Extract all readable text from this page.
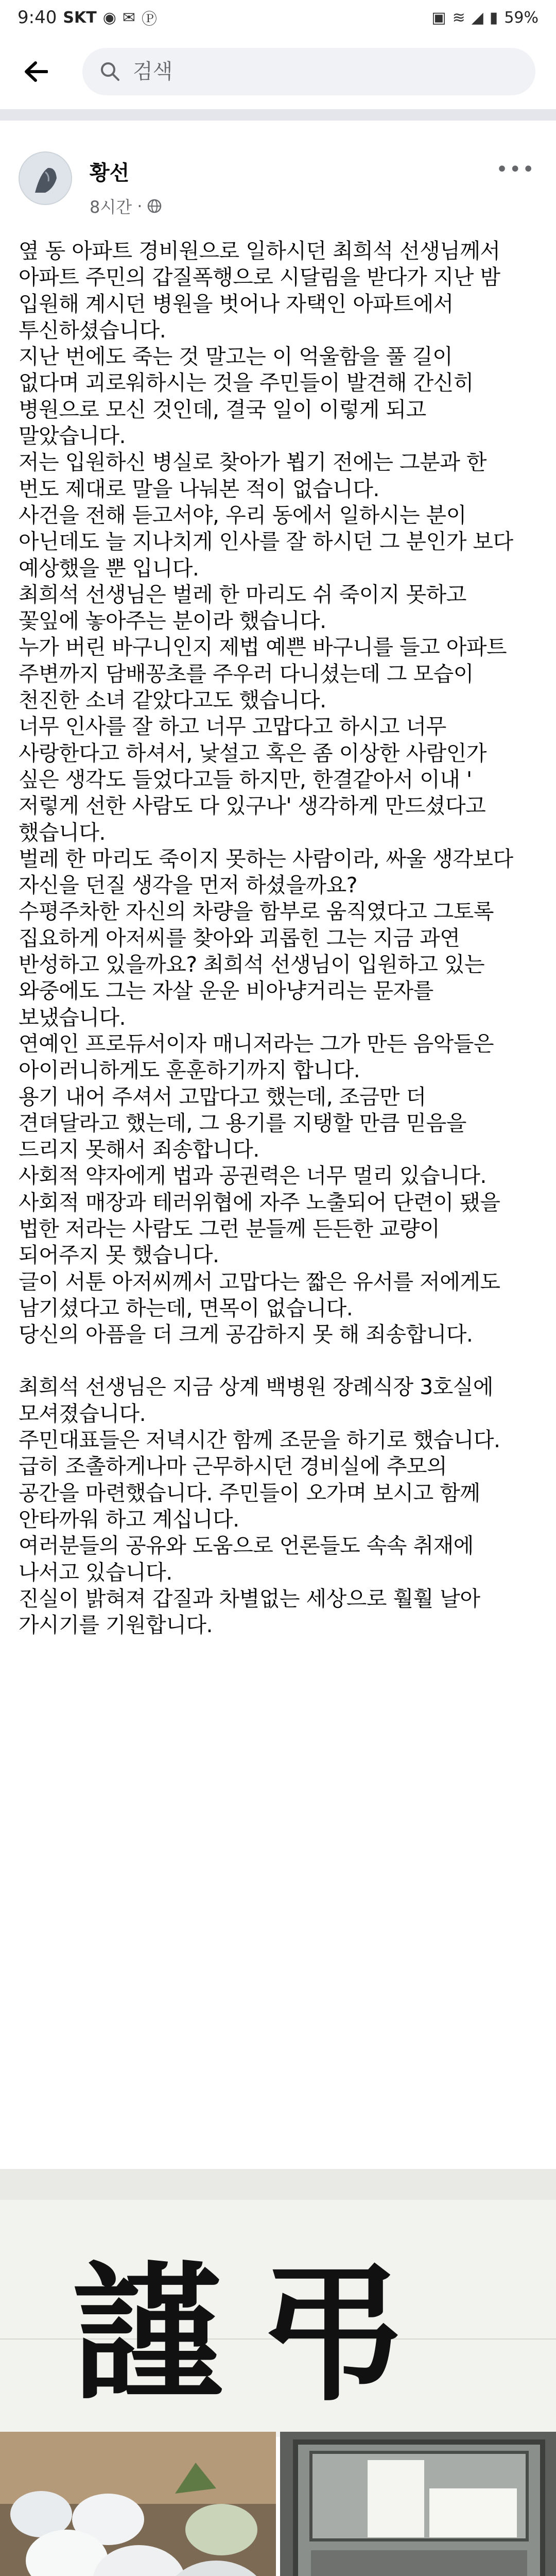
9:40 SKT ◉ ✉ Ⓟ	▣ ≋ ◢ ▮ 59%
검색
황선
8시간 ·
•••

옆 동 아파트 경비원으로 일하시던 최희석 선생님께서
아파트 주민의 갑질폭행으로 시달림을 받다가 지난 밤
입원해 계시던 병원을 벗어나 자택인 아파트에서
투신하셨습니다.

지난 번에도 죽는 것 말고는 이 억울함을 풀 길이
없다며 괴로워하시는 것을 주민들이 발견해 간신히
병원으로 모신 것인데, 결국 일이 이렇게 되고
말았습니다.

저는 입원하신 병실로 찾아가 뵙기 전에는 그분과 한
번도 제대로 말을 나눠본 적이 없습니다.

사건을 전해 듣고서야, 우리 동에서 일하시는 분이
아닌데도 늘 지나치게 인사를 잘 하시던 그 분인가 보다
예상했을 뿐 입니다.

최희석 선생님은 벌레 한 마리도 쉬 죽이지 못하고
꽃잎에 놓아주는 분이라 했습니다.

누가 버린 바구니인지 제법 예쁜 바구니를 들고 아파트
주변까지 담배꽁초를 주우러 다니셨는데 그 모습이
천진한 소녀 같았다고도 했습니다.

너무 인사를 잘 하고 너무 고맙다고 하시고 너무
사랑한다고 하셔서, 낯설고 혹은 좀 이상한 사람인가
싶은 생각도 들었다고들 하지만, 한결같아서 이내 '
저렇게 선한 사람도 다 있구나' 생각하게 만드셨다고
했습니다.

벌레 한 마리도 죽이지 못하는 사람이라, 싸울 생각보다
자신을 던질 생각을 먼저 하셨을까요?

수평주차한 자신의 차량을 함부로 움직였다고 그토록
집요하게 아저씨를 찾아와 괴롭힌 그는 지금 과연
반성하고 있을까요? 최희석 선생님이 입원하고 있는
와중에도 그는 자살 운운 비아냥거리는 문자를
보냈습니다.

연예인 프로듀서이자 매니저라는 그가 만든 음악들은
아이러니하게도 훈훈하기까지 합니다.

용기 내어 주셔서 고맙다고 했는데, 조금만 더
견뎌달라고 했는데, 그 용기를 지탱할 만큼 믿음을
드리지 못해서 죄송합니다.

사회적 약자에게 법과 공권력은 너무 멀리 있습니다.

사회적 매장과 테러위협에 자주 노출되어 단련이 됐을
법한 저라는 사람도 그런 분들께 든든한 교량이
되어주지 못 했습니다.

글이 서툰 아저씨께서 고맙다는 짧은 유서를 저에게도
남기셨다고 하는데, 면목이 없습니다.

당신의 아픔을 더 크게 공감하지 못 해 죄송합니다.

최희석 선생님은 지금 상계 백병원 장례식장 3호실에
모셔졌습니다.

주민대표들은 저녁시간 함께 조문을 하기로 했습니다.

급히 조촐하게나마 근무하시던 경비실에 추모의
공간을 마련했습니다. 주민들이 오가며 보시고 함께
안타까워 하고 계십니다.

여러분들의 공유와 도움으로 언론들도 속속 취재에
나서고 있습니다.

진실이 밝혀져 갑질과 차별없는 세상으로 훨훨 날아
가시기를 기원합니다.

謹弔
